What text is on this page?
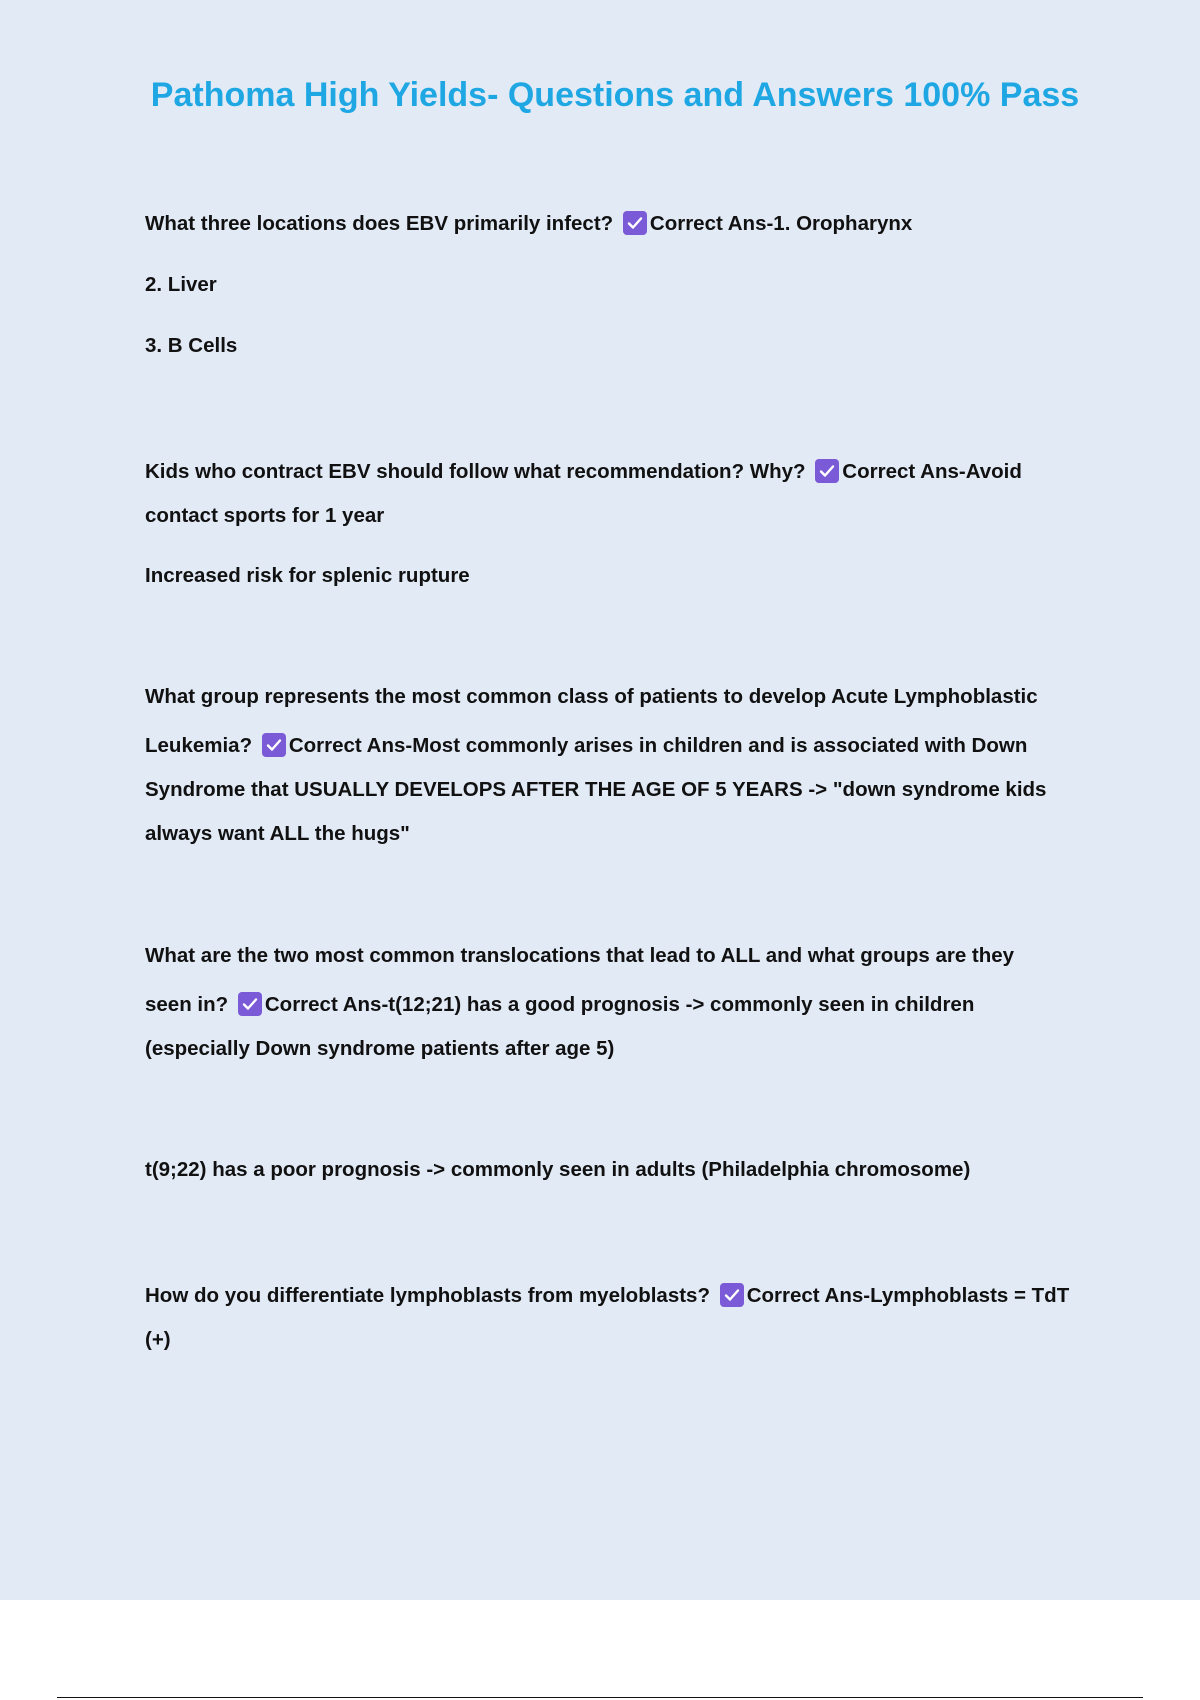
Pathoma High Yields- Questions and Answers 100% Pass

What three locations does EBV primarily infect? Correct Ans-1. Oropharynx

2. Liver

3. B Cells

Kids who contract EBV should follow what recommendation? Why? Correct Ans-Avoid

contact sports for 1 year

Increased risk for splenic rupture

What group represents the most common class of patients to develop Acute Lymphoblastic

Leukemia? Correct Ans-Most commonly arises in children and is associated with Down

Syndrome that USUALLY DEVELOPS AFTER THE AGE OF 5 YEARS -> "down syndrome kids

always want ALL the hugs"

What are the two most common translocations that lead to ALL and what groups are they

seen in? Correct Ans-t(12;21) has a good prognosis -> commonly seen in children

(especially Down syndrome patients after age 5)

t(9;22) has a poor prognosis -> commonly seen in adults (Philadelphia chromosome)

How do you differentiate lymphoblasts from myeloblasts? Correct Ans-Lymphoblasts = TdT

(+)
